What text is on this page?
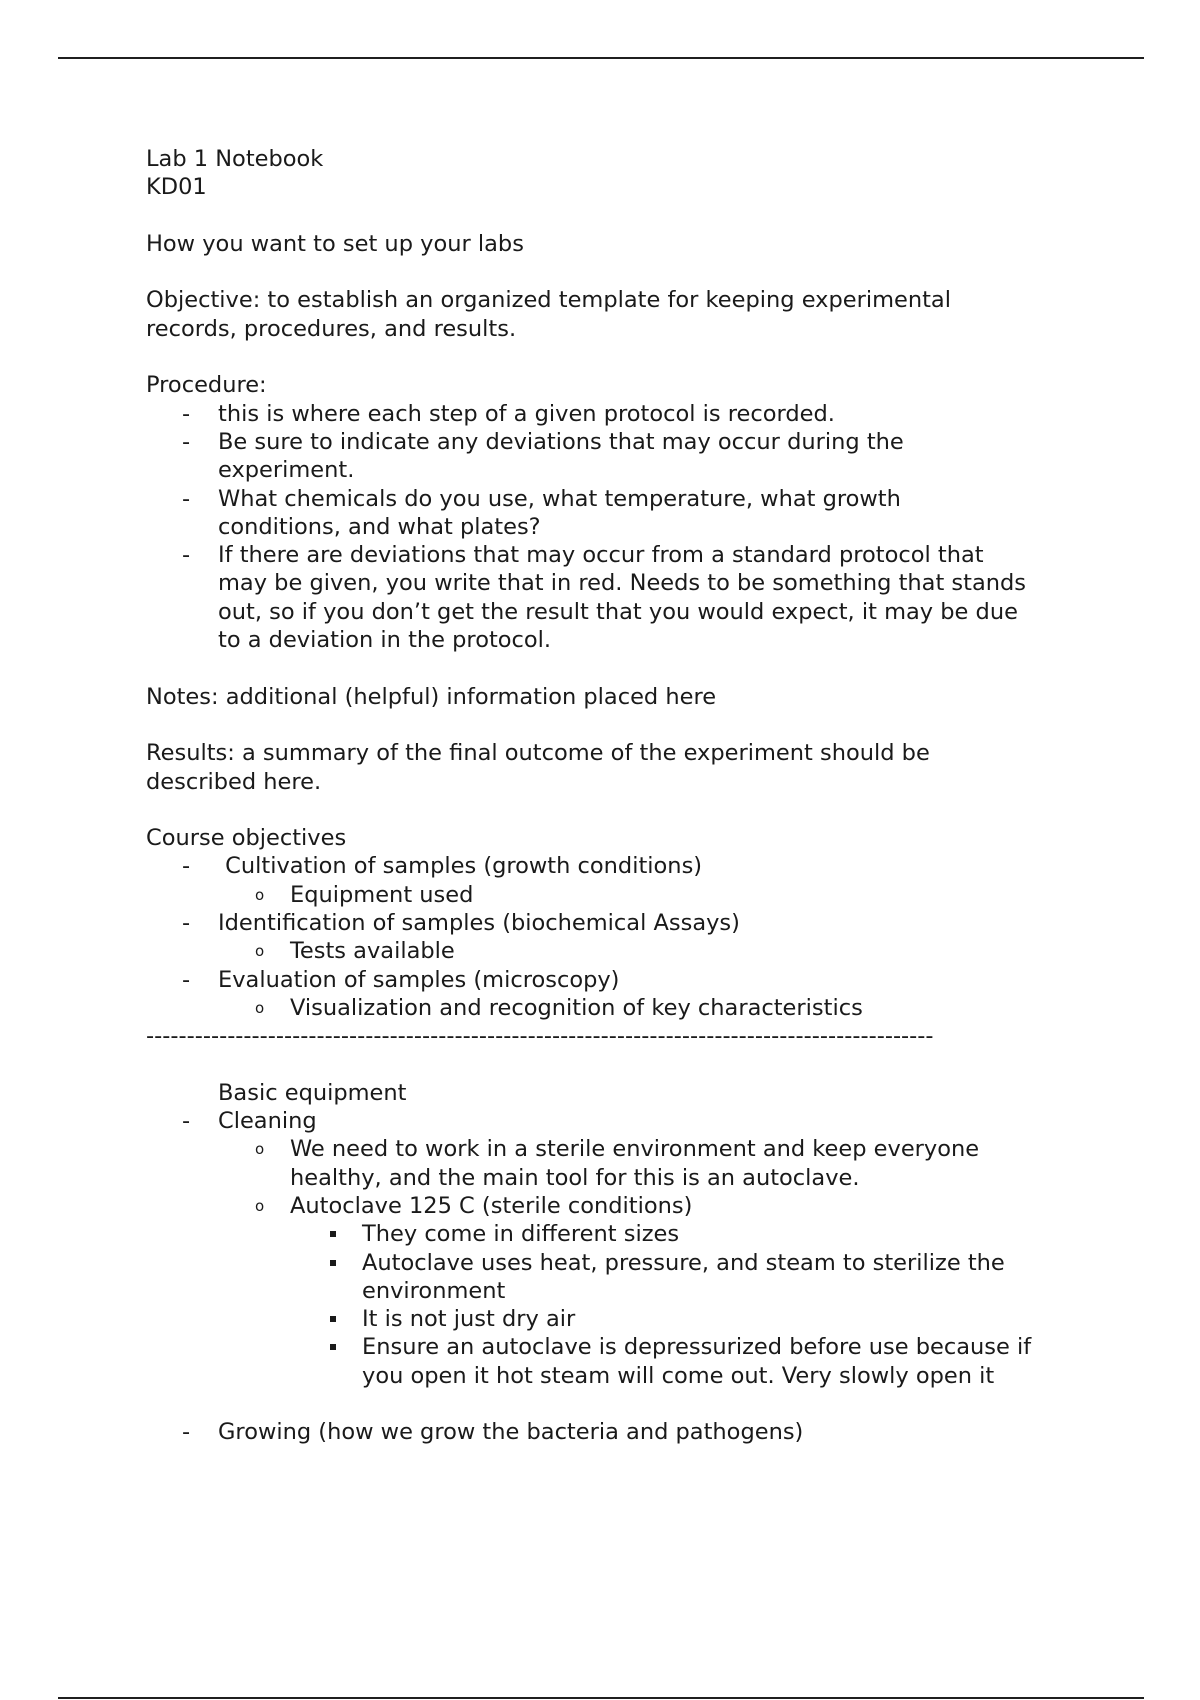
Lab 1 Notebook
KD01
How you want to set up your labs
Objective: to establish an organized template for keeping experimental
records, procedures, and results.
Procedure:
- this is where each step of a given protocol is recorded.
- Be sure to indicate any deviations that may occur during the
experiment.
- What chemicals do you use, what temperature, what growth
conditions, and what plates?
- If there are deviations that may occur from a standard protocol that
may be given, you write that in red. Needs to be something that stands
out, so if you don’t get the result that you would expect, it may be due
to a deviation in the protocol.
Notes: additional (helpful) information placed here
Results: a summary of the final outcome of the experiment should be
described here.
Course objectives
- Cultivation of samples (growth conditions)
o Equipment used
- Identification of samples (biochemical Assays)
o Tests available
- Evaluation of samples (microscopy)
o Visualization and recognition of key characteristics
-------------------------------------------------------------------------------------------------
Basic equipment
- Cleaning
o We need to work in a sterile environment and keep everyone
healthy, and the main tool for this is an autoclave.
o Autoclave 125 C (sterile conditions)
They come in different sizes
Autoclave uses heat, pressure, and steam to sterilize the
environment
It is not just dry air
Ensure an autoclave is depressurized before use because if
you open it hot steam will come out. Very slowly open it
- Growing (how we grow the bacteria and pathogens)
